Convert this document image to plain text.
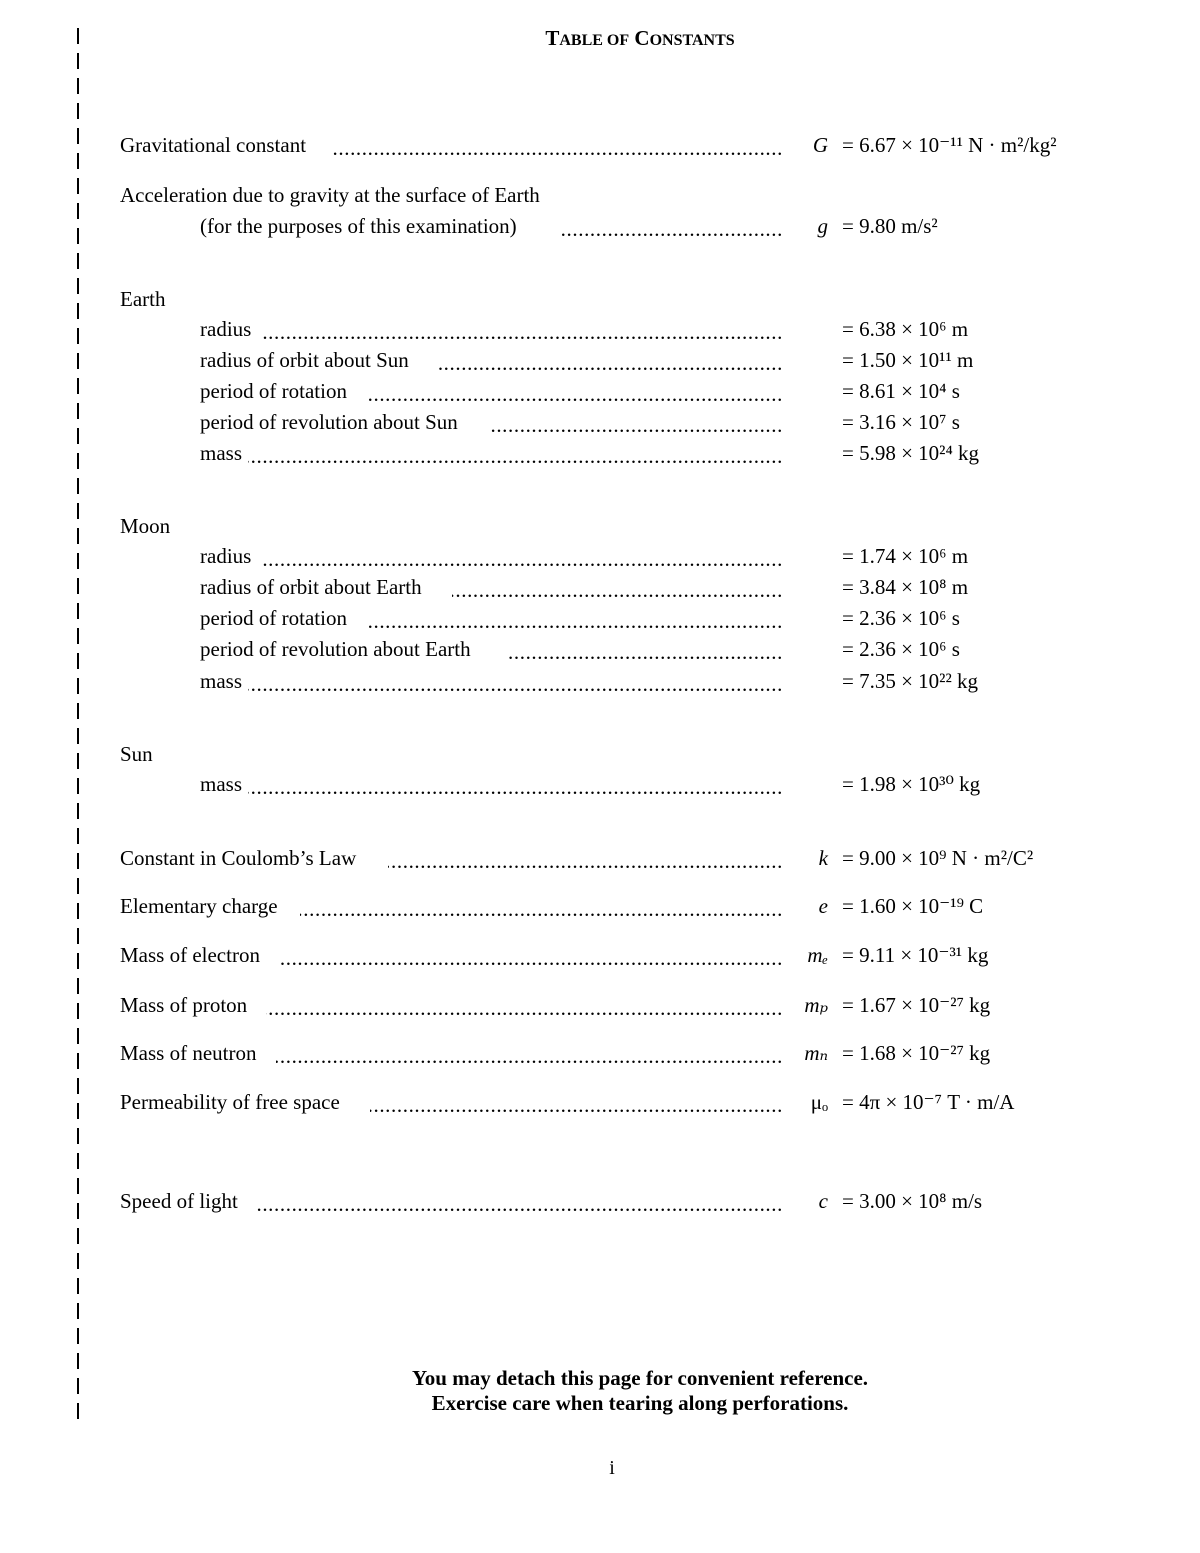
TABLE OF CONSTANTS
Gravitational constant .....	G = 6.67 × 10⁻¹¹ N · m²/kg²
Acceleration due to gravity at the surface of Earth
(for the purposes of this examination) .....	g = 9.80 m/s²
Earth
radius .....	= 6.38 × 10⁶ m
radius of orbit about Sun .....	= 1.50 × 10¹¹ m
period of rotation .....	= 8.61 × 10⁴ s
period of revolution about Sun .....	= 3.16 × 10⁷ s
mass .....	= 5.98 × 10²⁴ kg
Moon
radius .....	= 1.74 × 10⁶ m
radius of orbit about Earth .....	= 3.84 × 10⁸ m
period of rotation .....	= 2.36 × 10⁶ s
period of revolution about Earth .....	= 2.36 × 10⁶ s
mass .....	= 7.35 × 10²² kg
Sun
mass .....	= 1.98 × 10³⁰ kg
Constant in Coulomb’s Law .....	k = 9.00 × 10⁹ N · m²/C²
Elementary charge .....	e = 1.60 × 10⁻¹⁹ C
Mass of electron .....	mₑ = 9.11 × 10⁻³¹ kg
Mass of proton .....	mₚ = 1.67 × 10⁻²⁷ kg
Mass of neutron .....	mₙ = 1.68 × 10⁻²⁷ kg
Permeability of free space .....	μₒ = 4π × 10⁻⁷ T · m/A
Speed of light .....	c = 3.00 × 10⁸ m/s
You may detach this page for convenient reference.
Exercise care when tearing along perforations.
i
